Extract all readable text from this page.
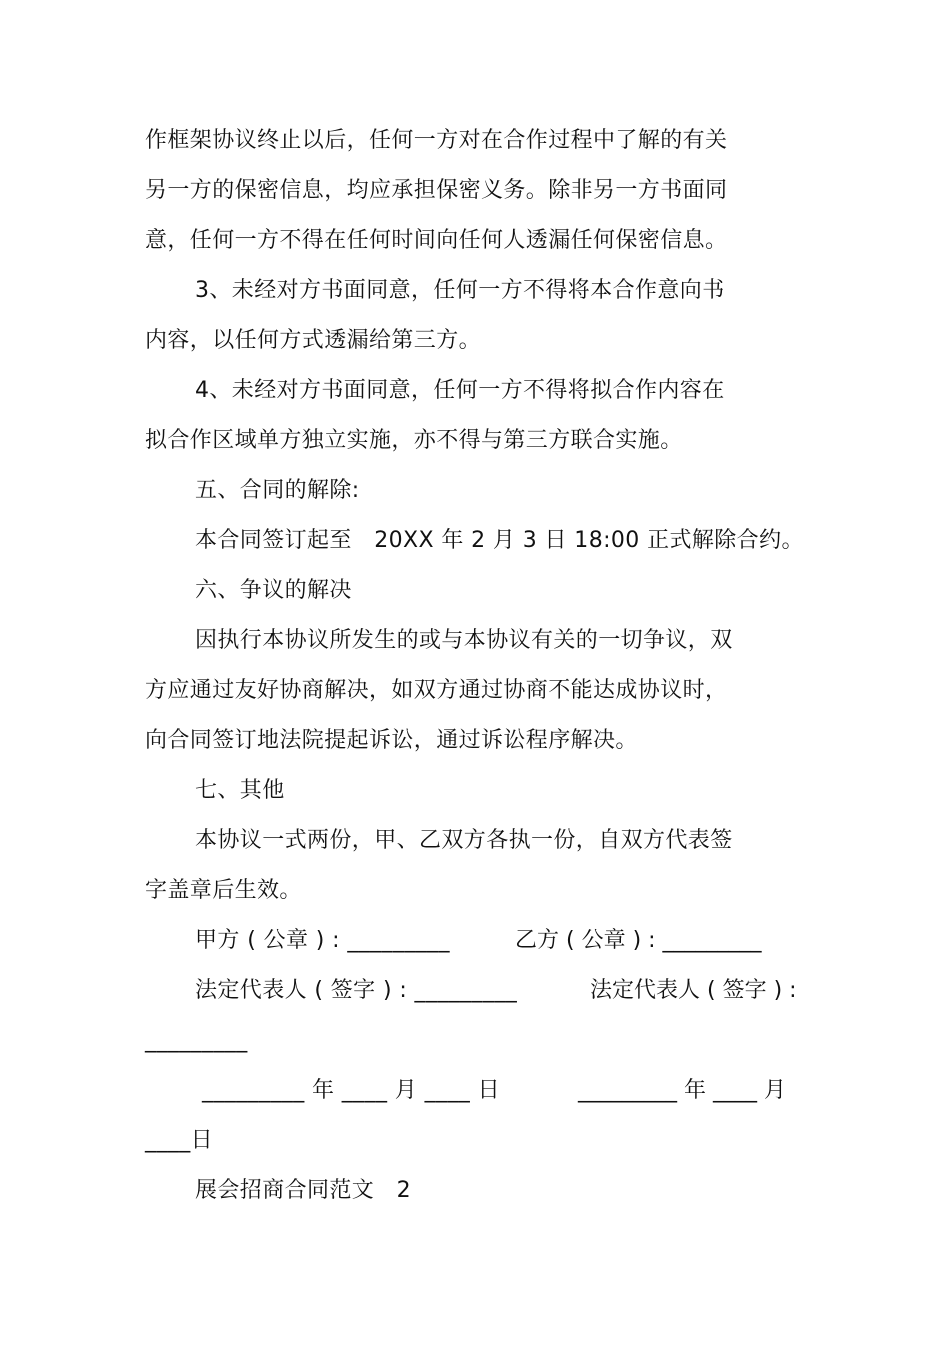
作框架协议终止以后，任何一方对在合作过程中了解的有关
另一方的保密信息，均应承担保密义务。除非另一方书面同
意，任何一方不得在任何时间向任何人透漏任何保密信息。
3、未经对方书面同意，任何一方不得将本合作意向书
内容，以任何方式透漏给第三方。
4、未经对方书面同意，任何一方不得将拟合作内容在
拟合作区域单方独立实施，亦不得与第三方联合实施。
五、合同的解除:
本合同签订起至　20XX 年 2 月 3 日 18:00 正式解除合约。
六、争议的解决
因执行本协议所发生的或与本协议有关的一切争议，双
方应通过友好协商解决，如双方通过协商不能达成协议时，
向合同签订地法院提起诉讼，通过诉讼程序解决。
七、其他
本协议一式两份，甲、乙双方各执一份，自双方代表签
字盖章后生效。
甲方 ( 公章 ) : _________	乙方 ( 公章 ) : _________
法定代表人 ( 签字 ) : _________	法定代表人 ( 签字 ) :
_________
_________ 年 ____ 月 ____ 日	_________ 年 ____ 月
____日
展会招商合同范文　2
